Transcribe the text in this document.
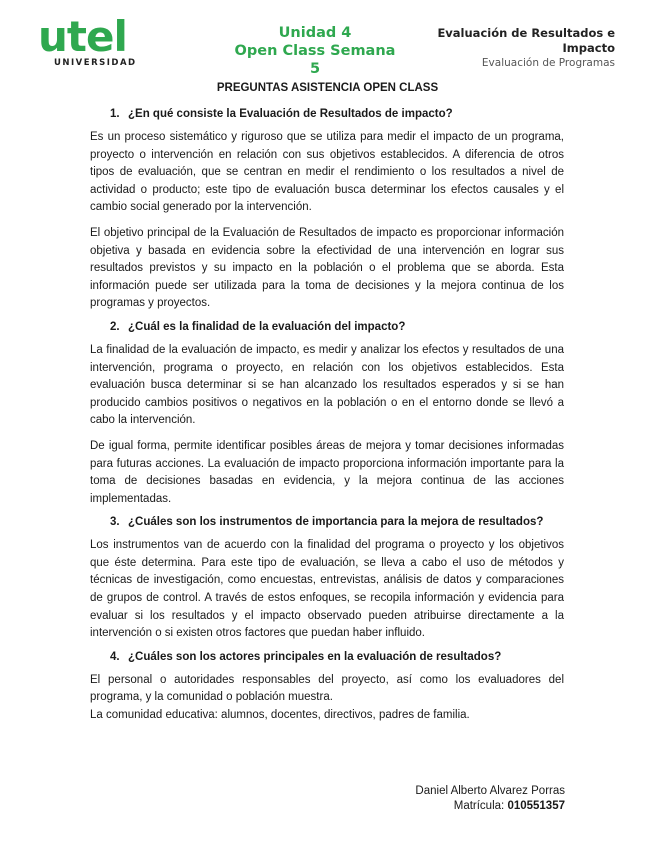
utel
UNIVERSIDAD
Unidad 4
Open Class Semana 5
Evaluación de Resultados e Impacto
Evaluación de Programas
PREGUNTAS ASISTENCIA OPEN CLASS
1. ¿En qué consiste la Evaluación de Resultados de impacto?

Es un proceso sistemático y riguroso que se utiliza para medir el impacto de un programa, proyecto o intervención en relación con sus objetivos establecidos. A diferencia de otros tipos de evaluación, que se centran en medir el rendimiento o los resultados a nivel de actividad o producto; este tipo de evaluación busca determinar los efectos causales y el cambio social generado por la intervención.

El objetivo principal de la Evaluación de Resultados de impacto es proporcionar información objetiva y basada en evidencia sobre la efectividad de una intervención en lograr sus resultados previstos y su impacto en la población o el problema que se aborda. Esta información puede ser utilizada para la toma de decisiones y la mejora continua de los programas y proyectos.

2. ¿Cuál es la finalidad de la evaluación del impacto?

La finalidad de la evaluación de impacto, es medir y analizar los efectos y resultados de una intervención, programa o proyecto, en relación con los objetivos establecidos. Esta evaluación busca determinar si se han alcanzado los resultados esperados y si se han producido cambios positivos o negativos en la población o en el entorno donde se llevó a cabo la intervención.

De igual forma, permite identificar posibles áreas de mejora y tomar decisiones informadas para futuras acciones. La evaluación de impacto proporciona información importante para la toma de decisiones basadas en evidencia, y la mejora continua de las acciones implementadas.

3. ¿Cuáles son los instrumentos de importancia para la mejora de resultados?

Los instrumentos van de acuerdo con la finalidad del programa o proyecto y los objetivos que éste determina. Para este tipo de evaluación, se lleva a cabo el uso de métodos y técnicas de investigación, como encuestas, entrevistas, análisis de datos y comparaciones de grupos de control. A través de estos enfoques, se recopila información y evidencia para evaluar si los resultados y el impacto observado pueden atribuirse directamente a la intervención o si existen otros factores que puedan haber influido.

4. ¿Cuáles son los actores principales en la evaluación de resultados?

El personal o autoridades responsables del proyecto, así como los evaluadores del programa, y la comunidad o población muestra.

La comunidad educativa: alumnos, docentes, directivos, padres de familia.

Daniel Alberto Alvarez Porras
Matrícula: 010551357
